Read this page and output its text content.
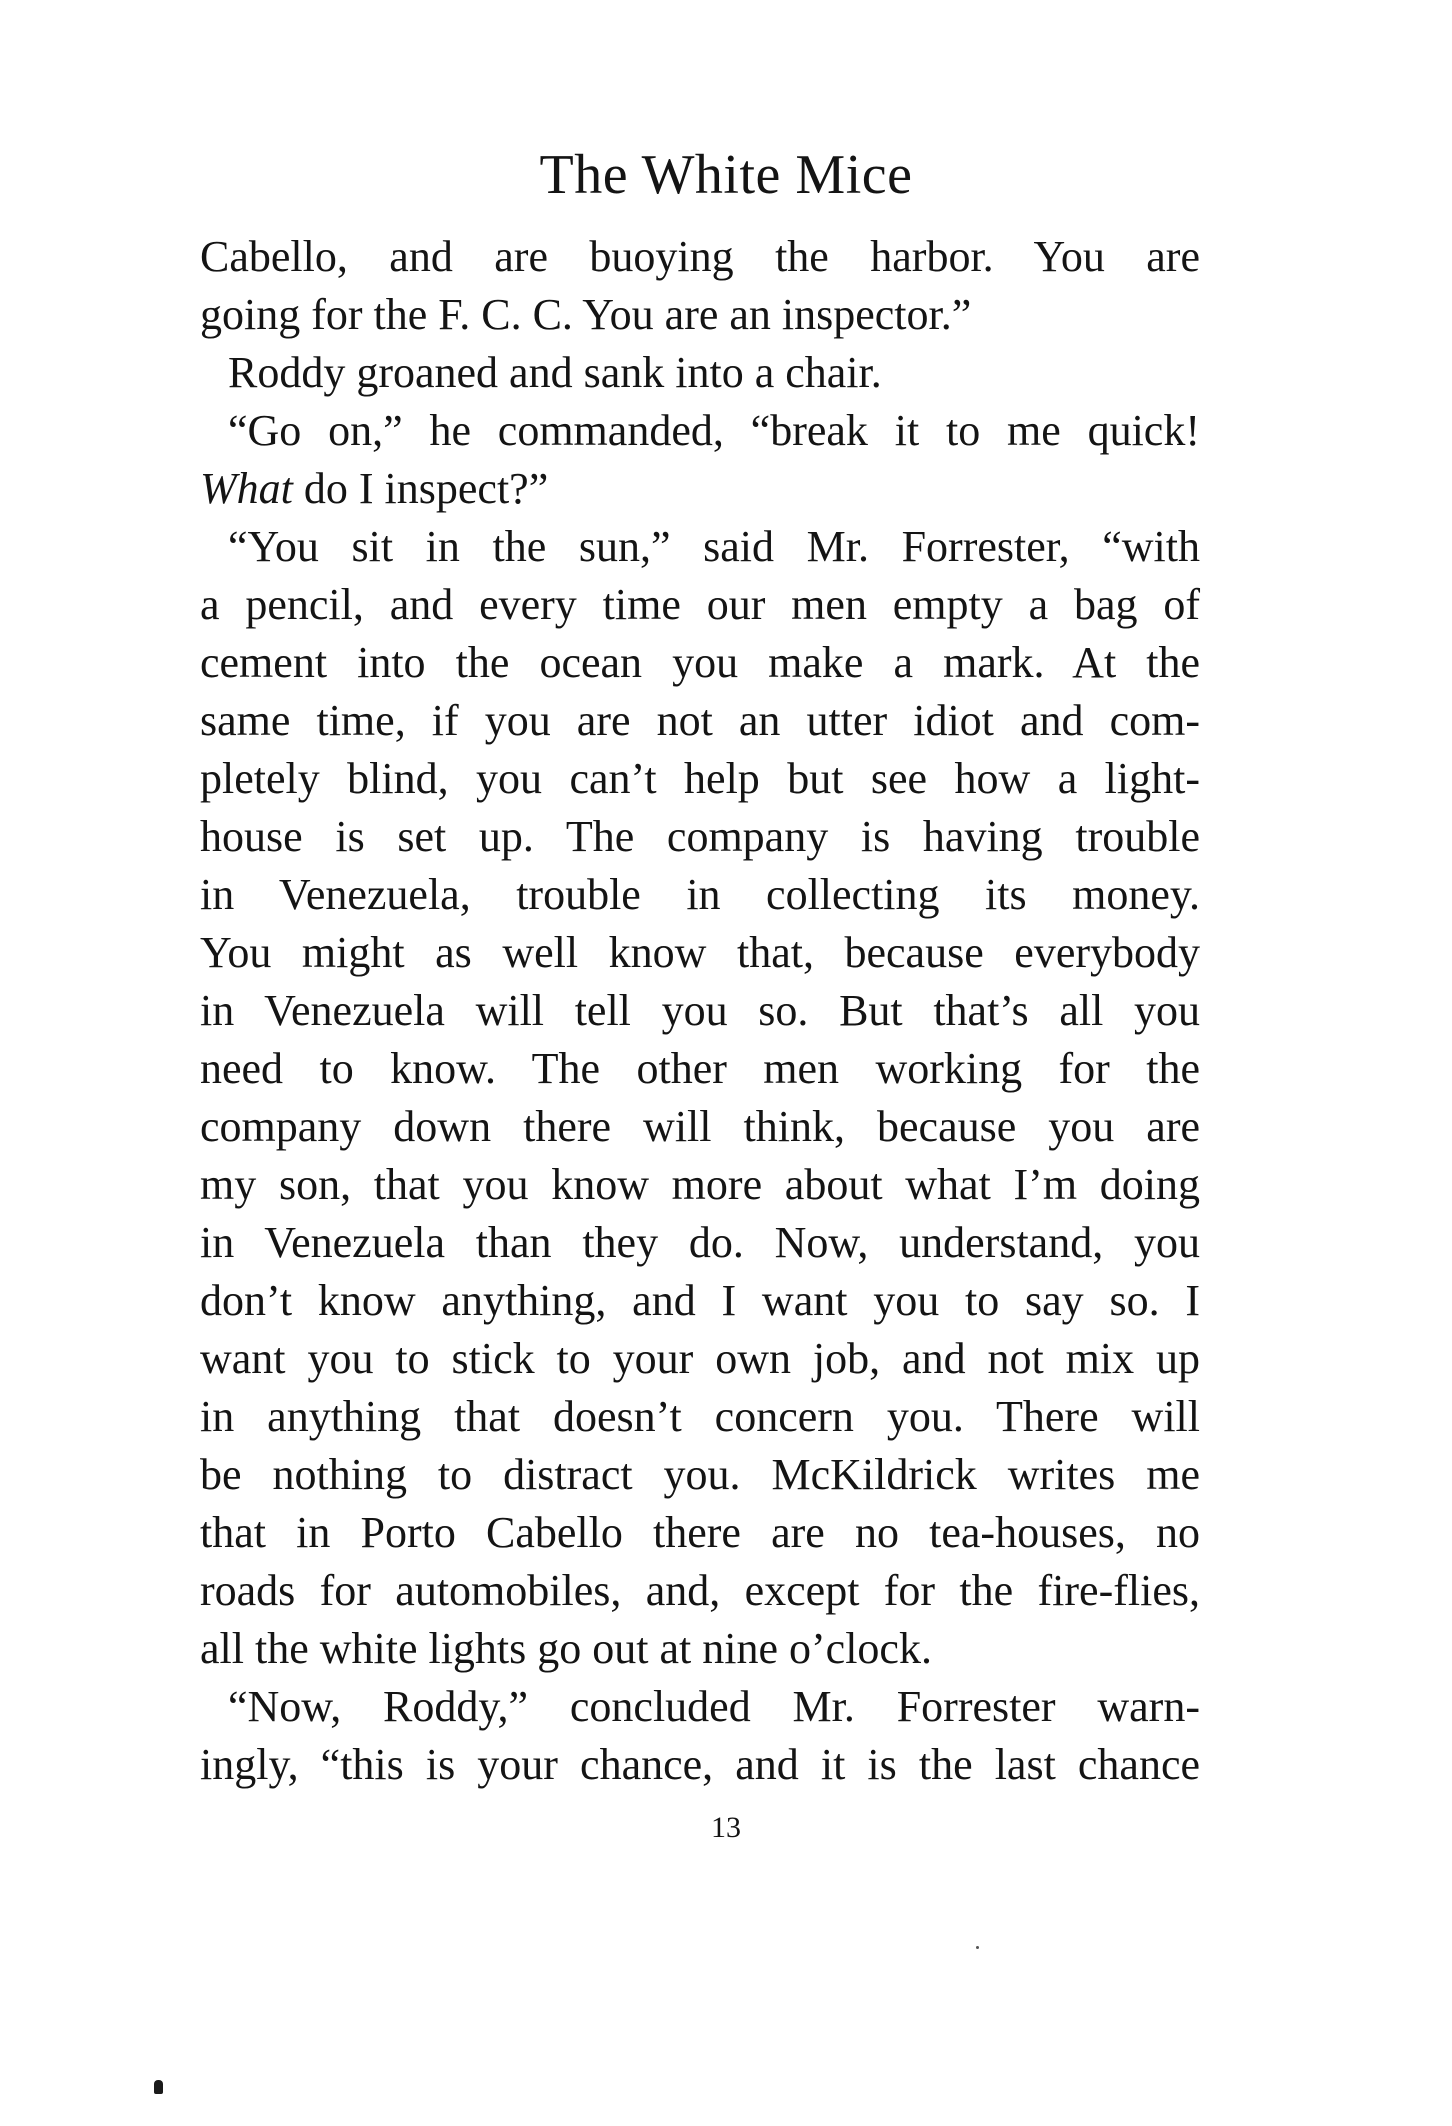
The White Mice
Cabello, and are buoying the harbor. You are
going for the F. C. C. You are an inspector.”
Roddy groaned and sank into a chair.
“Go on,” he commanded, “break it to me quick!
What do I inspect?”
“You sit in the sun,” said Mr. Forrester, “with
a pencil, and every time our men empty a bag of
cement into the ocean you make a mark. At the
same time, if you are not an utter idiot and com-
pletely blind, you can’t help but see how a light-
house is set up. The company is having trouble
in Venezuela, trouble in collecting its money.
You might as well know that, because everybody
in Venezuela will tell you so. But that’s all you
need to know. The other men working for the
company down there will think, because you are
my son, that you know more about what I’m doing
in Venezuela than they do. Now, understand, you
don’t know anything, and I want you to say so. I
want you to stick to your own job, and not mix up
in anything that doesn’t concern you. There will
be nothing to distract you. McKildrick writes me
that in Porto Cabello there are no tea-houses, no
roads for automobiles, and, except for the fire-flies,
all the white lights go out at nine o’clock.
“Now, Roddy,” concluded Mr. Forrester warn-
ingly, “this is your chance, and it is the last chance
13
